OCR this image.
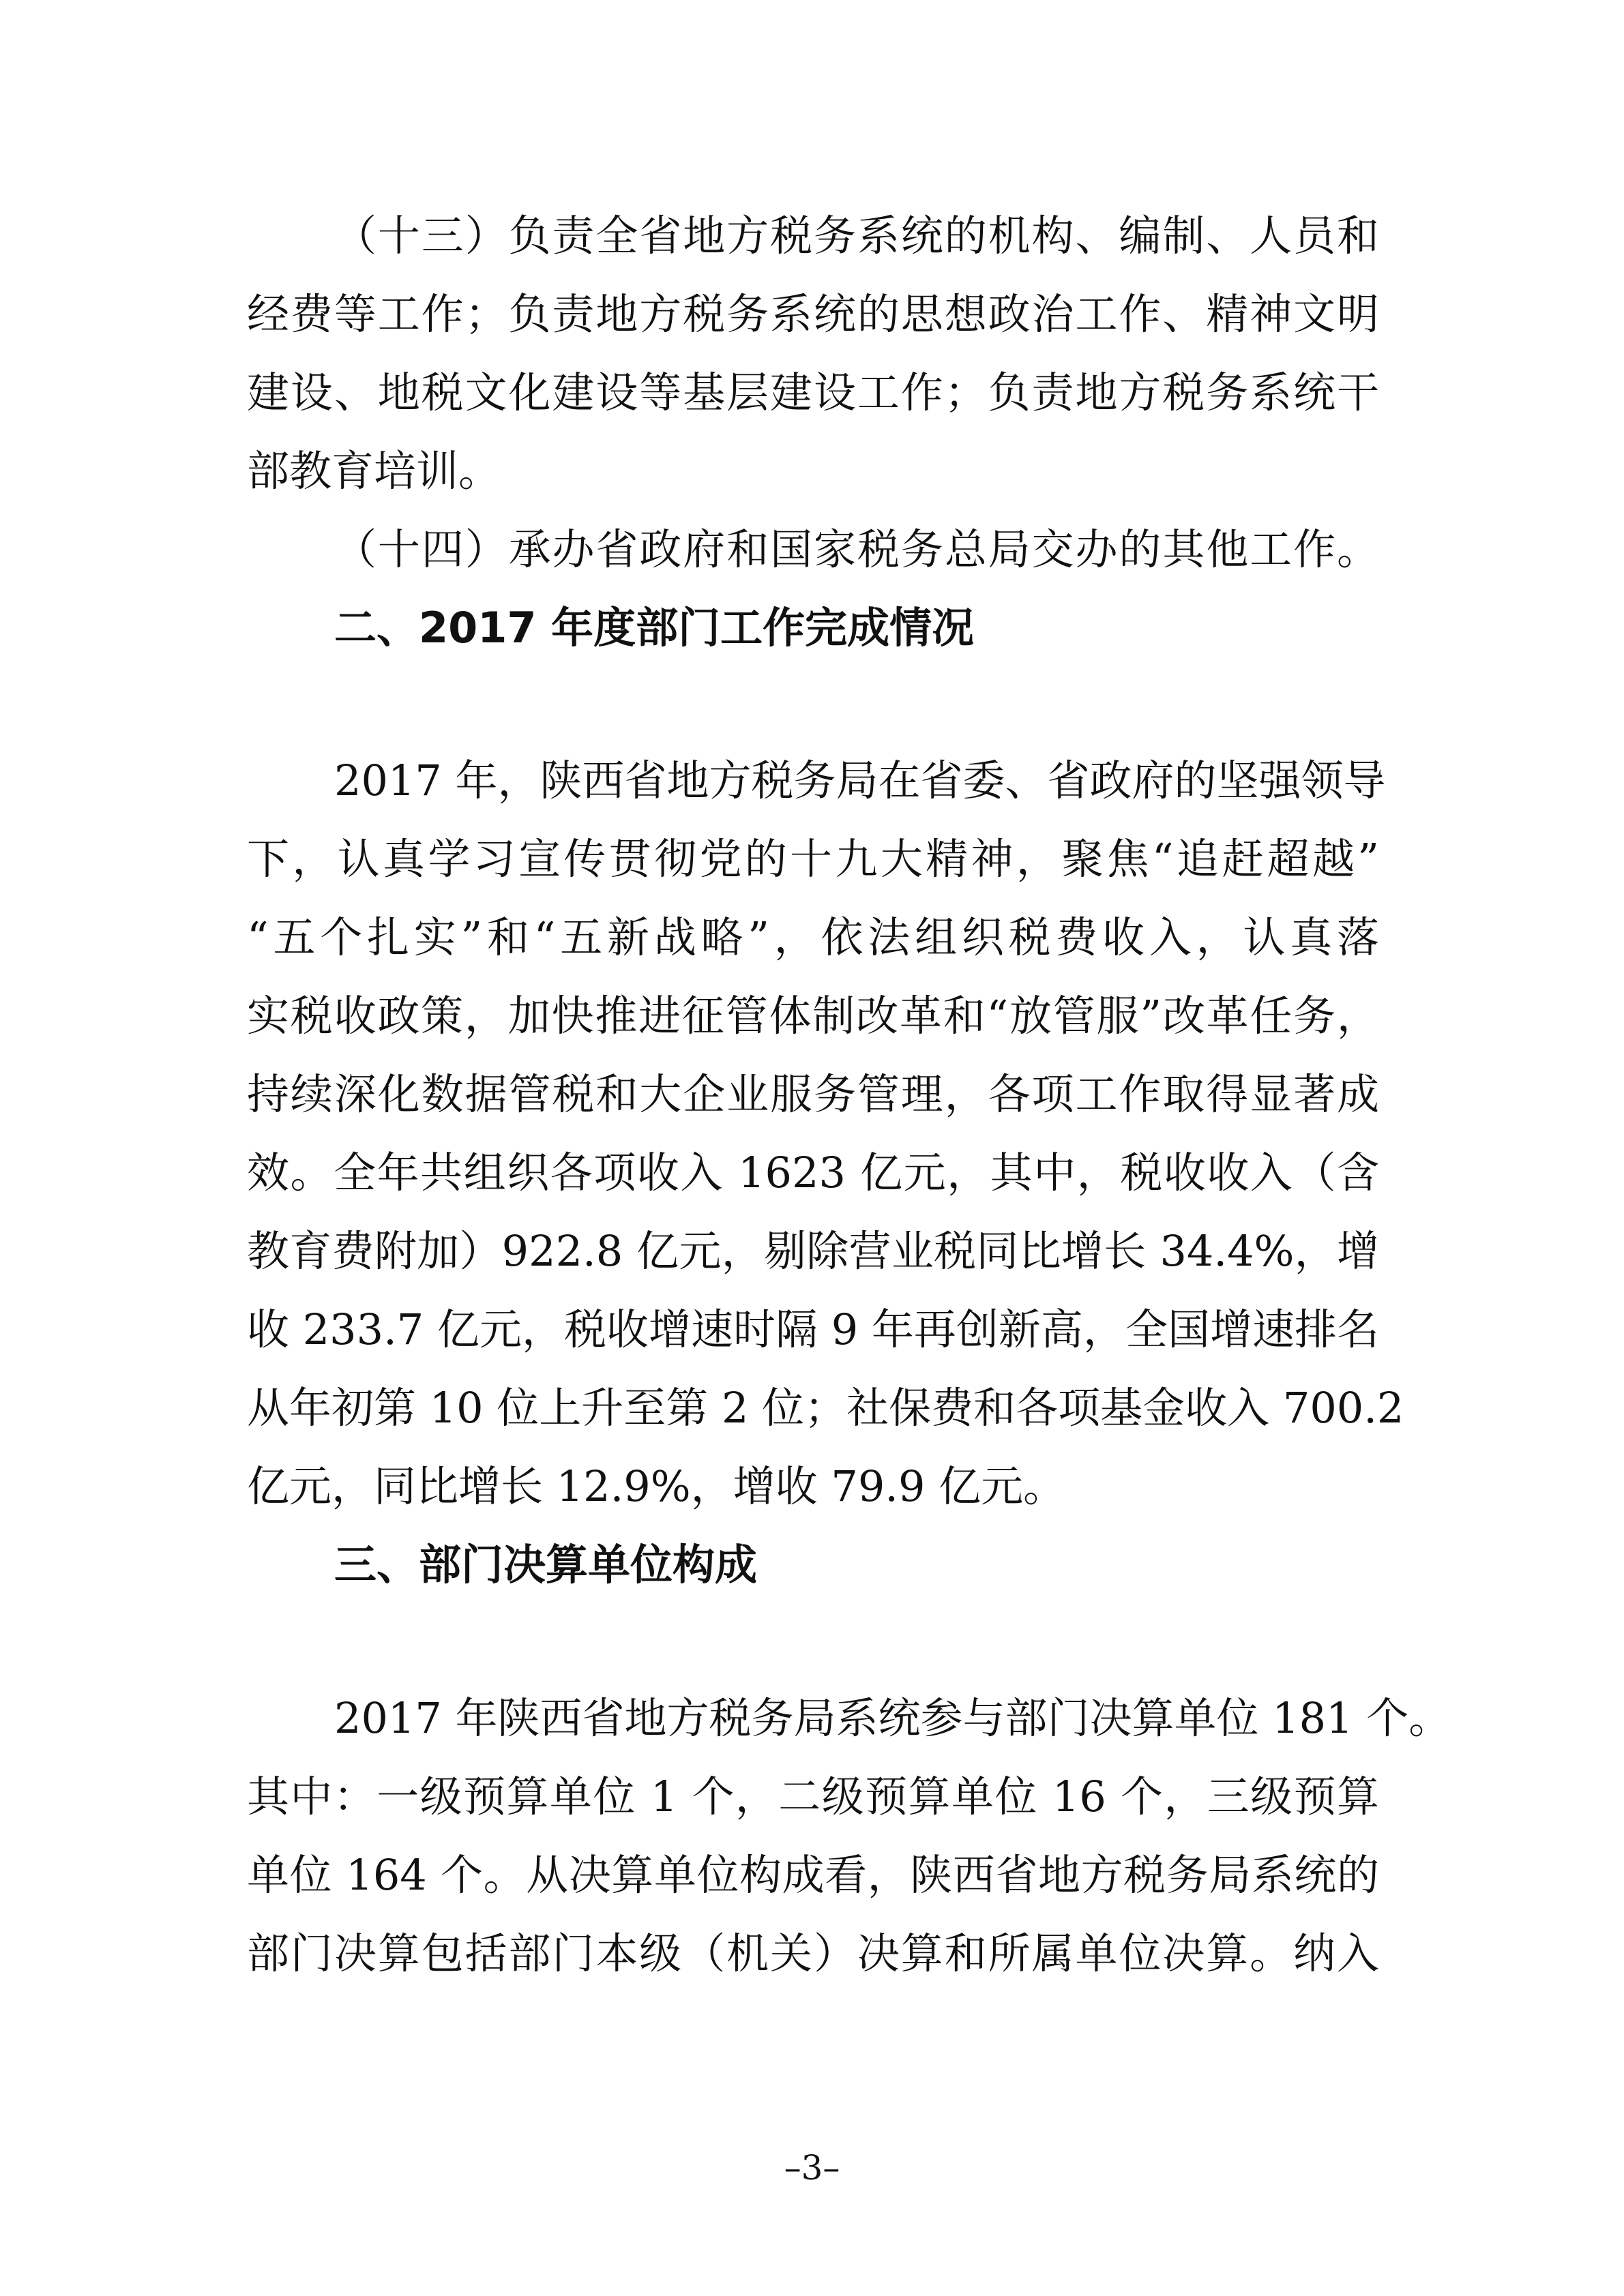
（十三）负责全省地方税务系统的机构、编制、人员和
经费等工作；负责地方税务系统的思想政治工作、精神文明
建设、地税文化建设等基层建设工作；负责地方税务系统干
部教育培训。
（十四）承办省政府和国家税务总局交办的其他工作。
二、2017 年度部门工作完成情况
2017 年，陕西省地方税务局在省委、省政府的坚强领导
下，认真学习宣传贯彻党的十九大精神，聚焦“追赶超越”
“五个扎实”和“五新战略”，依法组织税费收入，认真落
实税收政策，加快推进征管体制改革和“放管服”改革任务，
持续深化数据管税和大企业服务管理，各项工作取得显著成
效。全年共组织各项收入 1623 亿元，其中，税收收入（含
教育费附加）922.8 亿元，剔除营业税同比增长 34.4%，增
收 233.7 亿元，税收增速时隔 9 年再创新高，全国增速排名
从年初第 10 位上升至第 2 位；社保费和各项基金收入 700.2
亿元，同比增长 12.9%，增收 79.9 亿元。
三、部门决算单位构成
2017 年陕西省地方税务局系统参与部门决算单位 181 个。
其中：一级预算单位 1 个，二级预算单位 16 个，三级预算
单位 164 个。从决算单位构成看，陕西省地方税务局系统的
部门决算包括部门本级（机关）决算和所属单位决算。纳入
–3–
